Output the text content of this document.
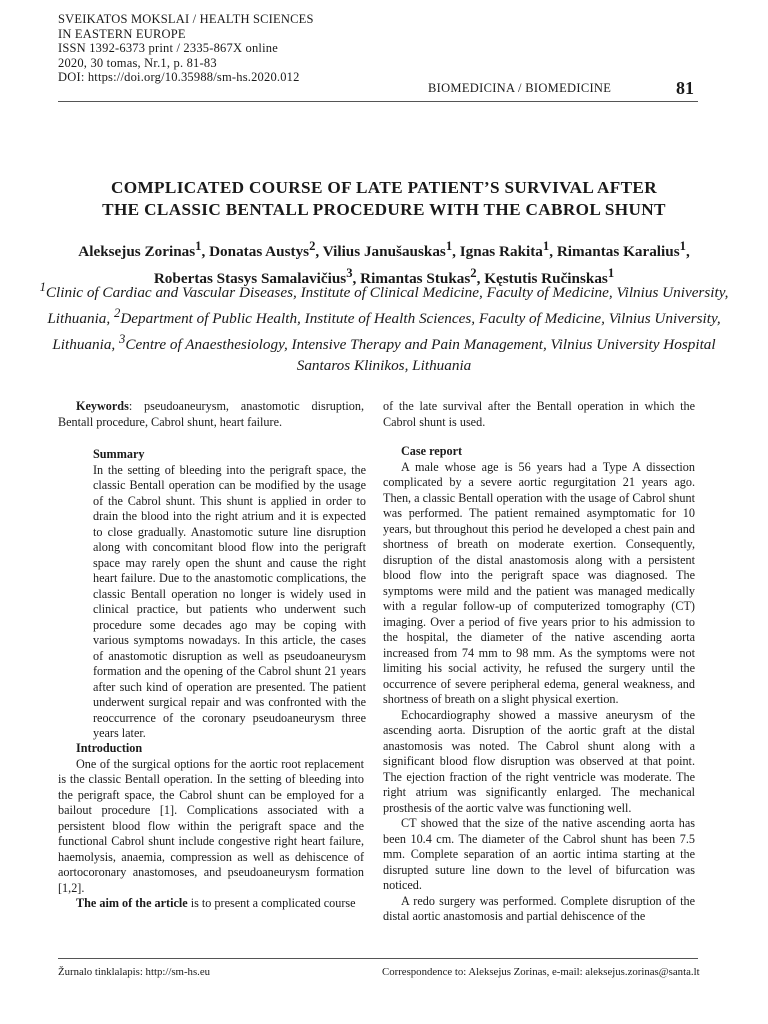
SVEIKATOS MOKSLAI / HEALTH SCIENCES
IN EASTERN EUROPE
ISSN 1392-6373 print / 2335-867X online
2020, 30 tomas, Nr.1, p. 81-83
DOI: https://doi.org/10.35988/sm-hs.2020.012
BIOMEDICINA / BIOMEDICINE	81
COMPLICATED COURSE OF LATE PATIENT’S SURVIVAL AFTER
THE CLASSIC BENTALL PROCEDURE WITH THE CABROL SHUNT
Aleksejus Zorinas$^1$, Donatas Austys$^2$, Vilius Janušauskas$^1$, Ignas Rakita$^1$, Rimantas Karalius$^1$,
Robertas Stasys Samalavičius$^3$, Rimantas Stukas$^2$, Kęstutis Ručinskas$^1$
$^1$Clinic of Cardiac and Vascular Diseases, Institute of Clinical Medicine, Faculty of Medicine, Vilnius University, Lithuania, $^2$Department of Public Health, Institute of Health Sciences, Faculty of Medicine, Vilnius University, Lithuania, $^3$Centre of Anaesthesiology, Intensive Therapy and Pain Management, Vilnius University Hospital Santaros Klinikos, Lithuania

Keywords: pseudoaneurysm, anastomotic disruption, Bentall procedure, Cabrol shunt, heart failure.

Summary
In the setting of bleeding into the perigraft space, the classic Bentall operation can be modified by the usage of the Cabrol shunt. This shunt is applied in order to drain the blood into the right atrium and it is expected to close gradually. Anastomotic suture line disruption along with concomitant blood flow into the perigraft space may rarely open the shunt and cause the right heart failure. Due to the anastomotic complications, the classic Bentall operation no longer is widely used in clinical practice, but patients who underwent such procedure some decades ago may be coping with various symptoms nowadays. In this article, the cases of anastomotic disruption as well as pseudoaneurysm formation and the opening of the Cabrol shunt 21 years after such kind of operation are presented. The patient underwent surgical repair and was confronted with the reoccurrence of the coronary pseudoaneurysm three years later.
Introduction

One of the surgical options for the aortic root replacement is the classic Bentall operation. In the setting of bleeding into the perigraft space, the Cabrol shunt can be employed for a bailout procedure [1]. Complications associated with a persistent blood flow within the perigraft space and the functional Cabrol shunt include congestive right heart failure, haemolysis, anaemia, compression as well as dehiscence of aortocoronary anastomoses, and pseudoaneurysm formation [1,2].

The aim of the article is to present a complicated course

of the late survival after the Bentall operation in which the Cabrol shunt is used.

Case report

A male whose age is 56 years had a Type A dissection complicated by a severe aortic regurgitation 21 years ago. Then, a classic Bentall operation with the usage of Cabrol shunt was performed. The patient remained asymptomatic for 10 years, but throughout this period he developed a chest pain and shortness of breath on moderate exertion. Consequently, disruption of the distal anastomosis along with a persistent blood flow into the perigraft space was diagnosed. The symptoms were mild and the patient was managed medically with a regular follow-up of computerized tomography (CT) imaging. Over a period of five years prior to his admission to the hospital, the diameter of the native ascending aorta increased from 74 mm to 98 mm. As the symptoms were not limiting his social activity, he refused the surgery until the occurrence of severe peripheral edema, general weakness, and shortness of breath on a slight physical exertion.

Echocardiography showed a massive aneurysm of the ascending aorta. Disruption of the aortic graft at the distal anastomosis was noted. The Cabrol shunt along with a significant blood flow disruption was observed at that point. The ejection fraction of the right ventricle was moderate. The right atrium was significantly enlarged. The mechanical prosthesis of the aortic valve was functioning well.

CT showed that the size of the native ascending aorta has been 10.4 cm. The diameter of the Cabrol shunt has been 7.5 mm. Complete separation of an aortic intima starting at the disrupted suture line down to the level of bifurcation was noticed.

A redo surgery was performed. Complete disruption of the distal aortic anastomosis and partial dehiscence of the

Žurnalo tinklalapis: http://sm-hs.eu	Correspondence to: Aleksejus Zorinas, e-mail: aleksejus.zorinas@santa.lt
